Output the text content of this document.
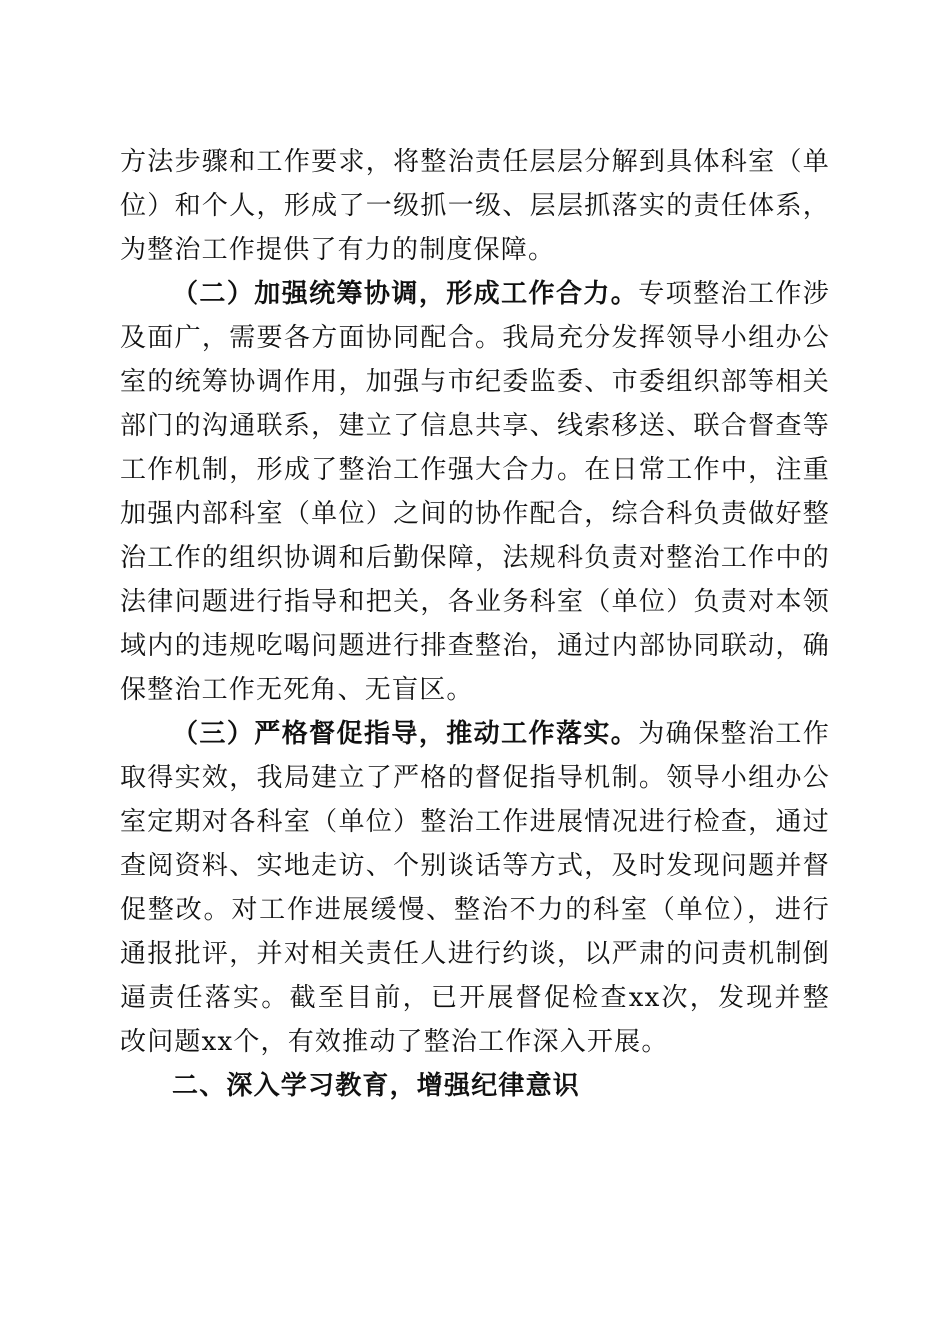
方法步骤和工作要求，将整治责任层层分解到具体科室（单位）和个人，形成了一级抓一级、层层抓落实的责任体系，为整治工作提供了有力的制度保障。

（二）加强统筹协调，形成工作合力。专项整治工作涉及面广，需要各方面协同配合。我局充分发挥领导小组办公室的统筹协调作用，加强与市纪委监委、市委组织部等相关部门的沟通联系，建立了信息共享、线索移送、联合督查等工作机制，形成了整治工作强大合力。在日常工作中，注重加强内部科室（单位）之间的协作配合，综合科负责做好整治工作的组织协调和后勤保障，法规科负责对整治工作中的法律问题进行指导和把关，各业务科室（单位）负责对本领域内的违规吃喝问题进行排查整治，通过内部协同联动，确保整治工作无死角、无盲区。

（三）严格督促指导，推动工作落实。为确保整治工作取得实效，我局建立了严格的督促指导机制。领导小组办公室定期对各科室（单位）整治工作进展情况进行检查，通过查阅资料、实地走访、个别谈话等方式，及时发现问题并督促整改。对工作进展缓慢、整治不力的科室（单位），进行通报批评，并对相关责任人进行约谈，以严肃的问责机制倒逼责任落实。截至目前，已开展督促检查xx次，发现并整改问题xx个，有效推动了整治工作深入开展。

二、深入学习教育，增强纪律意识
